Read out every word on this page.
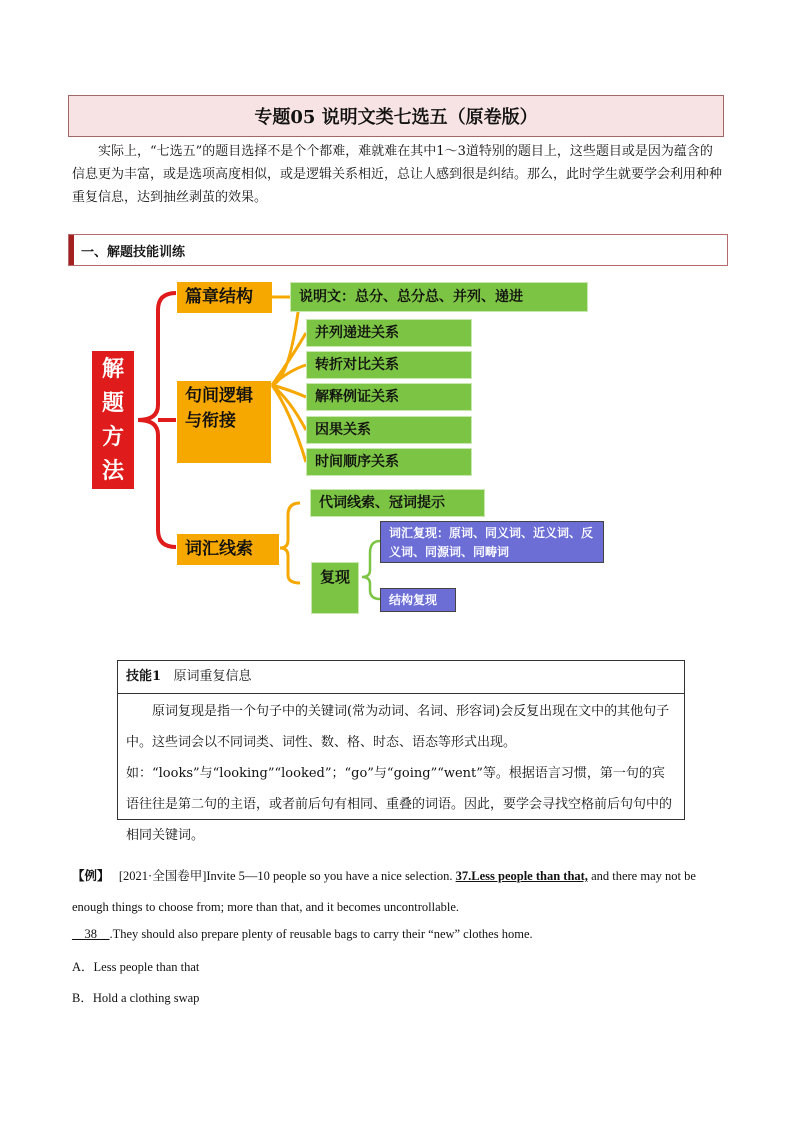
专题05 说明文类七选五（原卷版）
实际上，“七选五”的题目选择不是个个都难，难就难在其中1～3道特别的题目上，这些题目或是因为蕴含的信息更为丰富，或是选项高度相似，或是逻辑关系相近，总让人感到很是纠结。那么，此时学生就要学会利用种种重复信息，达到抽丝剥茧的效果。
一、解题技能训练
解
题
方
法
篇章结构	说明文：总分、总分总、并列、递进
句间逻辑与衔接
并列递进关系
转折对比关系
解释例证关系
因果关系
时间顺序关系
词汇线索
代词线索、冠词提示
复现
词汇复现：原词、同义词、近义词、反义词、同源词、同畴词
结构复现
技能1 原词重复信息
原词复现是指一个句子中的关键词(常为动词、名词、形容词)会反复出现在文中的其他句子中。这些词会以不同词类、词性、数、格、时态、语态等形式出现。如：“looks”与“looking”“looked”；“go”与“going”“went”等。根据语言习惯，第一句的宾语往往是第二句的主语，或者前后句有相同、重叠的词语。因此，要学会寻找空格前后句句中的相同关键词。
【例】 [2021·全国卷甲]Invite 5—10 people so you have a nice selection. 37.Less people than that, and there may not be enough things to choose from; more than that, and it becomes uncontrollable.
__38__.They should also prepare plenty of reusable bags to carry their “new” clothes home.
A．Less people than that
B．Hold a clothing swap
